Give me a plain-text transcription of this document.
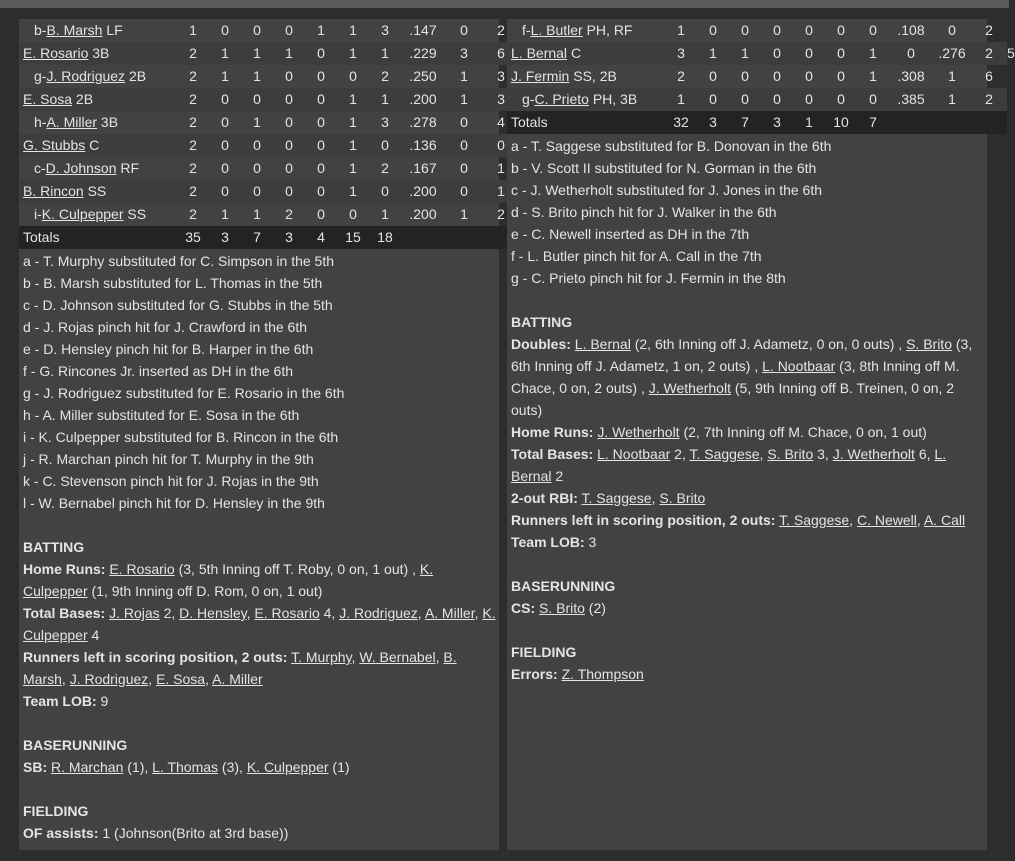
b-B. Marsh LF	1	0	0	0	1	1	3	.147	0	2
E. Rosario 3B	2	1	1	1	0	1	1	.229	3	6
g-J. Rodriguez 2B	2	1	1	0	0	0	2	.250	1	3
E. Sosa 2B	2	0	0	0	0	1	1	.200	1	3
h-A. Miller 3B	2	0	1	0	0	1	3	.278	0	4
G. Stubbs C	2	0	0	0	0	1	0	.136	0	0
c-D. Johnson RF	2	0	0	0	0	1	2	.167	0	1
B. Rincon SS	2	0	0	0	0	1	0	.200	0	1
i-K. Culpepper SS	2	1	1	2	0	0	1	.200	1	2
Totals	35	3	7	3	4	15	18			
a - T. Murphy substituted for C. Simpson in the 5th
b - B. Marsh substituted for L. Thomas in the 5th
c - D. Johnson substituted for G. Stubbs in the 5th
d - J. Rojas pinch hit for J. Crawford in the 6th
e - D. Hensley pinch hit for B. Harper in the 6th
f - G. Rincones Jr. inserted as DH in the 6th
g - J. Rodriguez substituted for E. Rosario in the 6th
h - A. Miller substituted for E. Sosa in the 6th
i - K. Culpepper substituted for B. Rincon in the 6th
j - R. Marchan pinch hit for T. Murphy in the 9th
k - C. Stevenson pinch hit for J. Rojas in the 9th
l - W. Bernabel pinch hit for D. Hensley in the 9th
BATTING
Home Runs: E. Rosario (3, 5th Inning off T. Roby, 0 on, 1 out) , K. Culpepper (1, 9th Inning off D. Rom, 0 on, 1 out)
Total Bases: J. Rojas 2, D. Hensley, E. Rosario 4, J. Rodriguez, A. Miller, K. Culpepper 4
Runners left in scoring position, 2 outs: T. Murphy, W. Bernabel, B. Marsh, J. Rodriguez, E. Sosa, A. Miller
Team LOB: 9
BASERUNNING
SB: R. Marchan (1), L. Thomas (3), K. Culpepper (1)
FIELDING
OF assists: 1 (Johnson(Brito at 3rd base))
f-L. Butler PH, RF	1	0	0	0	0	0	0	.108	0	2	
L. Bernal C	3	1	1	0	0	0	1	0	.276	2	5
J. Fermin SS, 2B	2	0	0	0	0	0	1	.308	1	6	
g-C. Prieto PH, 3B	1	0	0	0	0	0	0	.385	1	2	
Totals	32	3	7	3	1	10	7				
a - T. Saggese substituted for B. Donovan in the 6th
b - V. Scott II substituted for N. Gorman in the 6th
c - J. Wetherholt substituted for J. Jones in the 6th
d - S. Brito pinch hit for J. Walker in the 6th
e - C. Newell inserted as DH in the 7th
f - L. Butler pinch hit for A. Call in the 7th
g - C. Prieto pinch hit for J. Fermin in the 8th
BATTING
Doubles: L. Bernal (2, 6th Inning off J. Adametz, 0 on, 0 outs) , S. Brito (3, 6th Inning off J. Adametz, 1 on, 2 outs) , L. Nootbaar (3, 8th Inning off M. Chace, 0 on, 2 outs) , J. Wetherholt (5, 9th Inning off B. Treinen, 0 on, 2 outs)
Home Runs: J. Wetherholt (2, 7th Inning off M. Chace, 0 on, 1 out)
Total Bases: L. Nootbaar 2, T. Saggese, S. Brito 3, J. Wetherholt 6, L. Bernal 2
2-out RBI: T. Saggese, S. Brito
Runners left in scoring position, 2 outs: T. Saggese, C. Newell, A. Call
Team LOB: 3
BASERUNNING
CS: S. Brito (2)
FIELDING
Errors: Z. Thompson
